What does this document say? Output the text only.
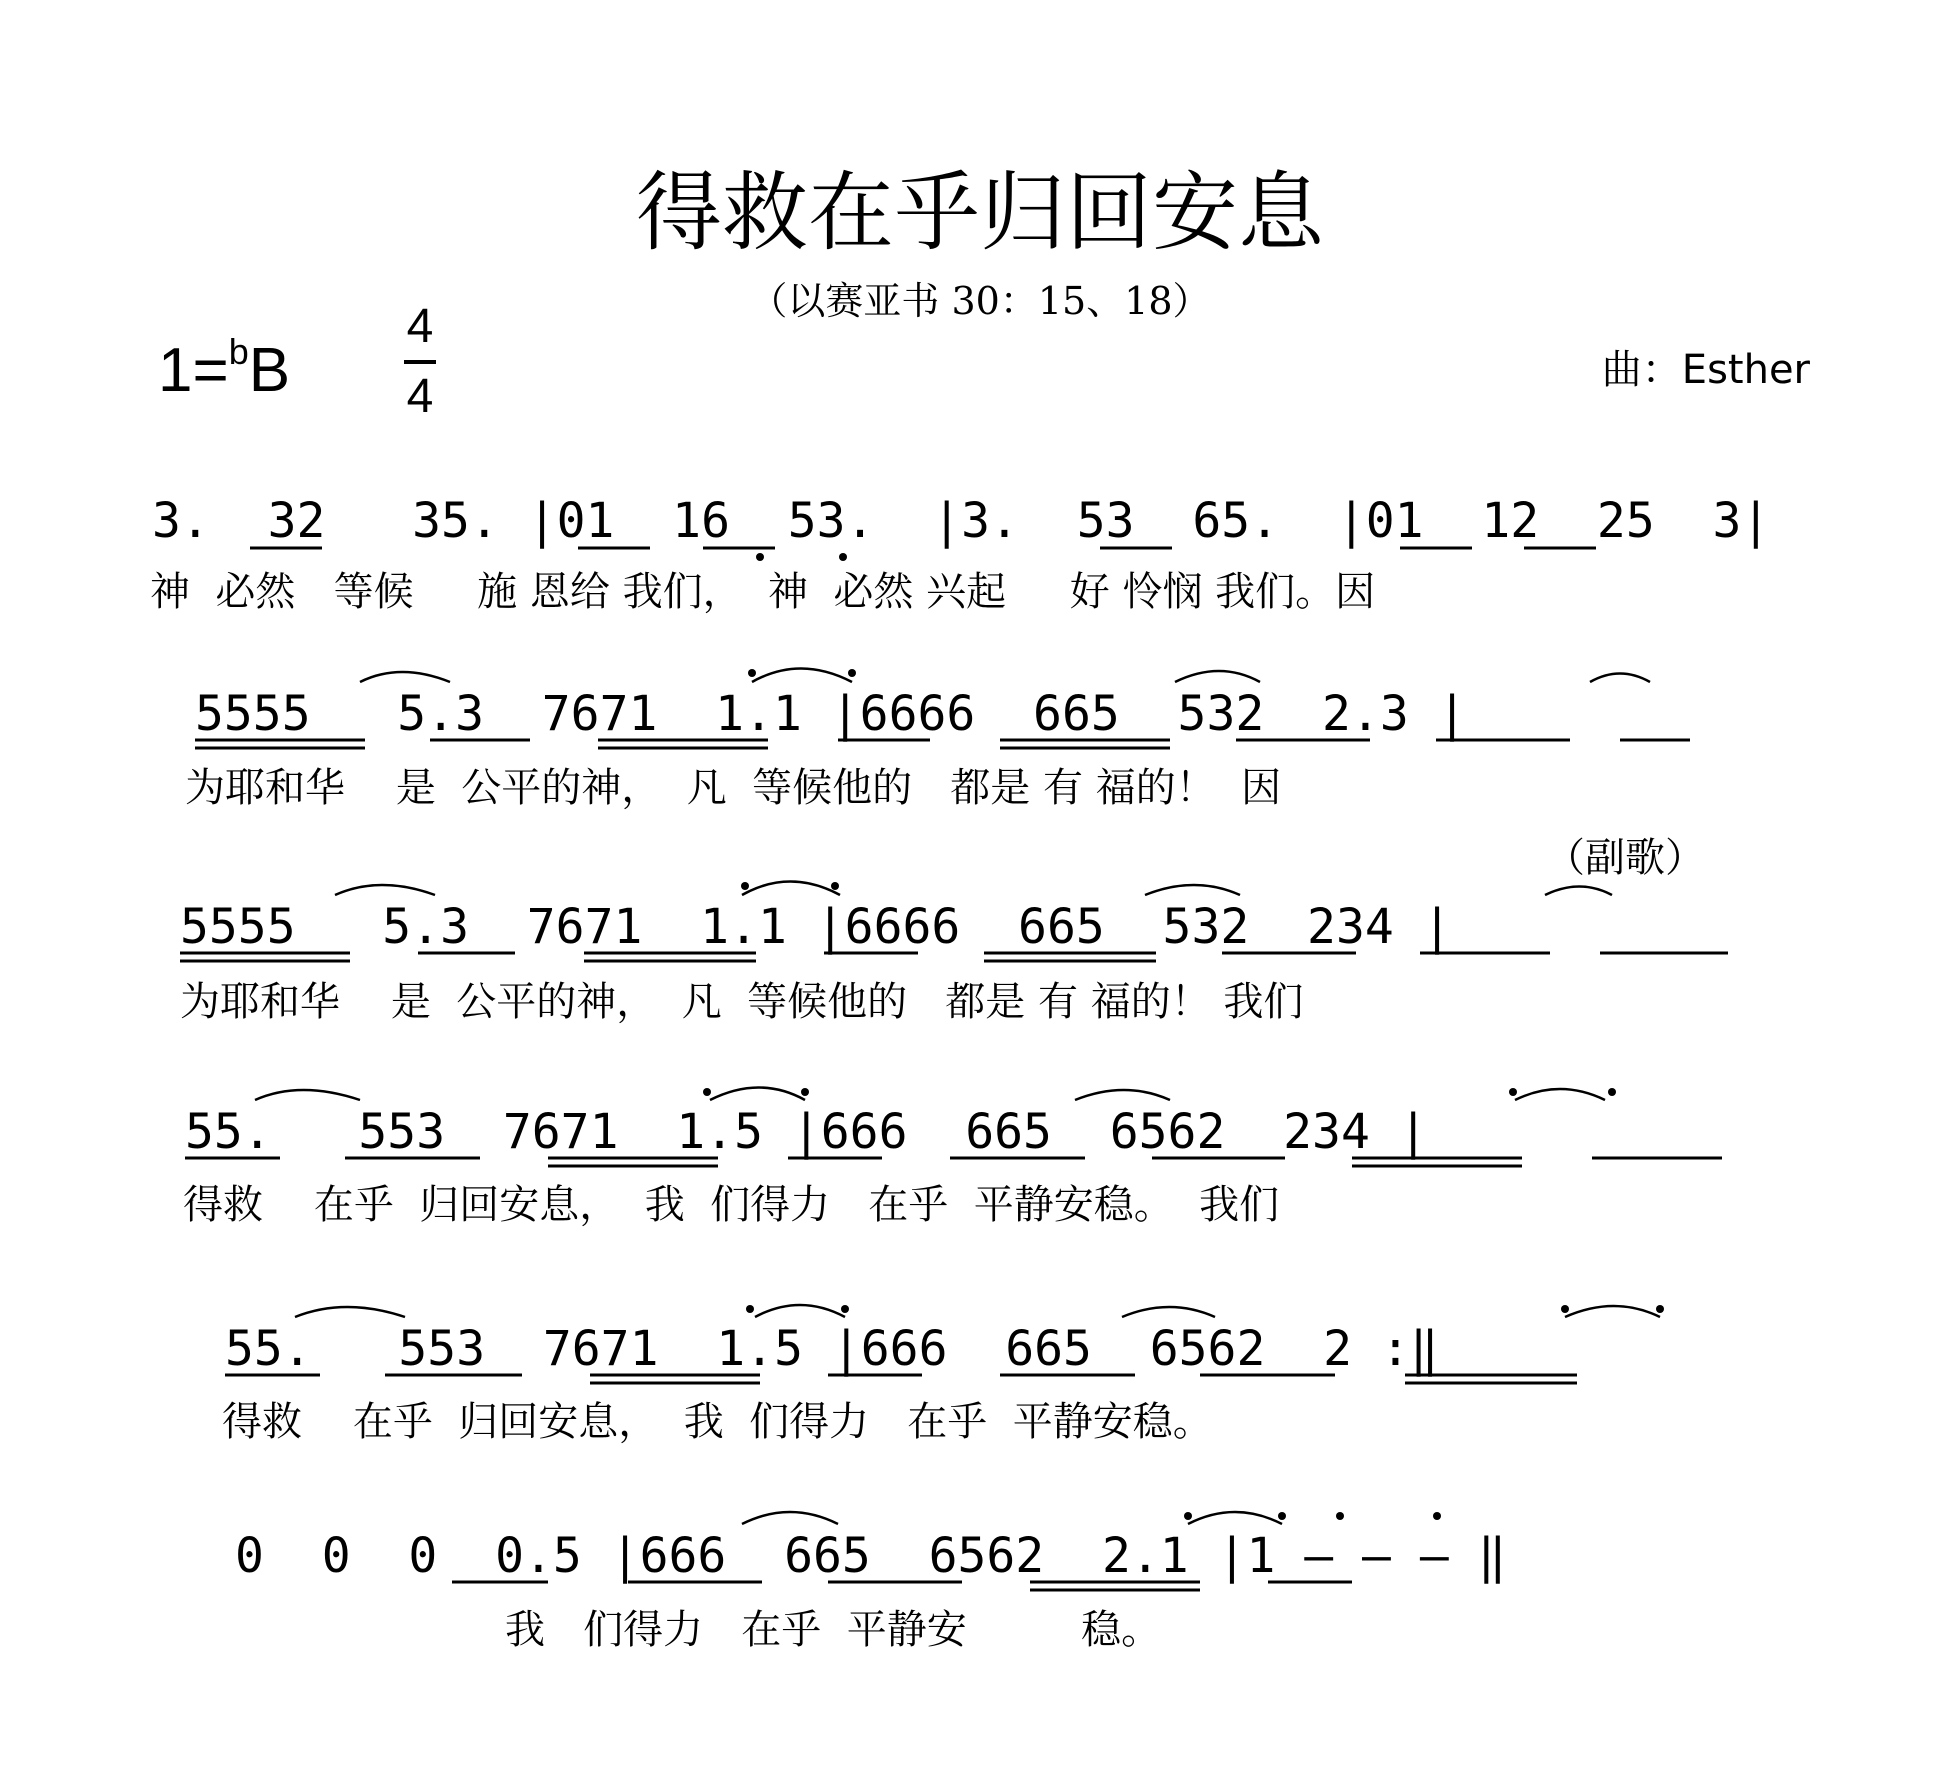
得救在乎归回安息
（以赛亚书 30：15、18）
1=$^b$B
4
4	曲：Esther
（副歌）
3.  32   35. |01  16  53.  |3.  53  65.  |01  12  25  3|
神  必然   等候     施 恩给 我们，  神  必然 兴起     好 怜悯 我们。因
5555   5.3  7671  1.1 |6666  665  532  2.3 |
为耶和华    是  公平的神，  凡  等候他的   都是 有 福的！  因
5555   5.3  7671  1.1 |6666  665  532  234 |
为耶和华    是  公平的神，  凡  等候他的   都是 有 福的！ 我们
55.   553  7671  1.5 |666  665  6562  234 |
得救    在乎  归回安息，  我  们得力   在乎  平静安稳。  我们
55.   553  7671  1.5 |666  665  6562  2 :‖
得救    在乎  归回安息，  我  们得力   在乎  平静安稳。
0  0  0  0.5 |666  665  6562  2.1 |1 – – – ‖
我   们得力   在乎  平静安         稳。
